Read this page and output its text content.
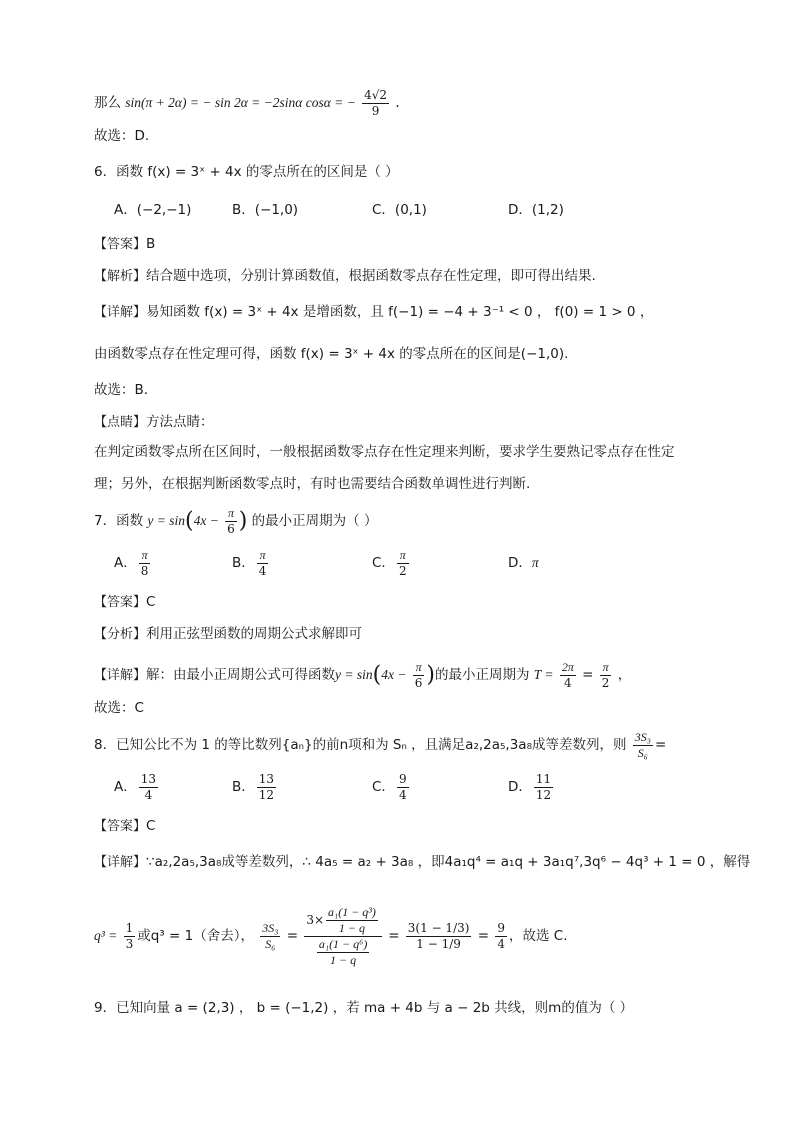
那么 sin(π + 2α) = − sin 2α = −2sinα cosα = − $\frac{4√2}{9}$ .
故选：D.
6．函数 f(x) = 3ˣ + 4x 的零点所在的区间是（ ）
A．(−2,−1)	B．(−1,0)	C．(0,1)	D．(1,2)
【答案】B
【解析】结合题中选项，分别计算函数值，根据函数零点存在性定理，即可得出结果.
【详解】易知函数 f(x) = 3ˣ + 4x 是增函数，且 f(−1) = −4 + 3⁻¹ < 0 ， f(0) = 1 > 0 ，
由函数零点存在性定理可得，函数 f(x) = 3ˣ + 4x 的零点所在的区间是(−1,0).
故选：B.
【点睛】方法点睛：
在判定函数零点所在区间时，一般根据函数零点存在性定理来判断，要求学生要熟记零点存在性定
理；另外，在根据判断函数零点时，有时也需要结合函数单调性进行判断.
7．函数 $y = \sin(4x - \frac{\pi}{6}$ ) 的最小正周期为（ ）
A． $\frac{\pi}{8}$	B． $\frac{\pi}{4}$	C． $\frac{\pi}{2}$	D．π
【答案】C
【分析】利用正弦型函数的周期公式求解即可
【详解】解：由最小正周期公式可得函数$y = \sin(4x - \frac{\pi}{6}$ )的最小正周期为 $T = \frac{2\pi}{4} = \frac{\pi}{2}$ ，
故选：C
8．已知公比不为 1 的等比数列{aₙ}的前n项和为 Sₙ ，且满足a₂,2a₅,3a₈成等差数列，则 $\frac{\text{3S₃}}{\text{S₆}}$ =
A． $\frac{13}{4}$	B． $\frac{13}{12}$	C． $\frac{9}{4}$	D． $\frac{11}{12}$
【答案】C
【详解】∵a₂,2a₅,3a₈成等差数列，∴ 4a₅ = a₂ + 3a₈ ，即4a₁q⁴ = a₁q + 3a₁q⁷,3q⁶ − 4q³ + 1 = 0 ，解得
$q^3 = \frac{1}{3}$ 或q³ = 1（舍去）， $\frac{\text{3S₃}}{\text{S₆}} = \frac{3\times \frac{\text{a₁(1 − q³)}}{1 - q}}{\frac{\text{a₁(1 − q⁶)}}{1 - q}} = \frac{3(1 - 1/3)}{1 - 1/9} = \frac{9}{4}$ ，故选 C.
9．已知向量 a = (2,3) ， b = (−1,2) ，若 ma + 4b 与 a − 2b 共线，则m的值为（ ）
